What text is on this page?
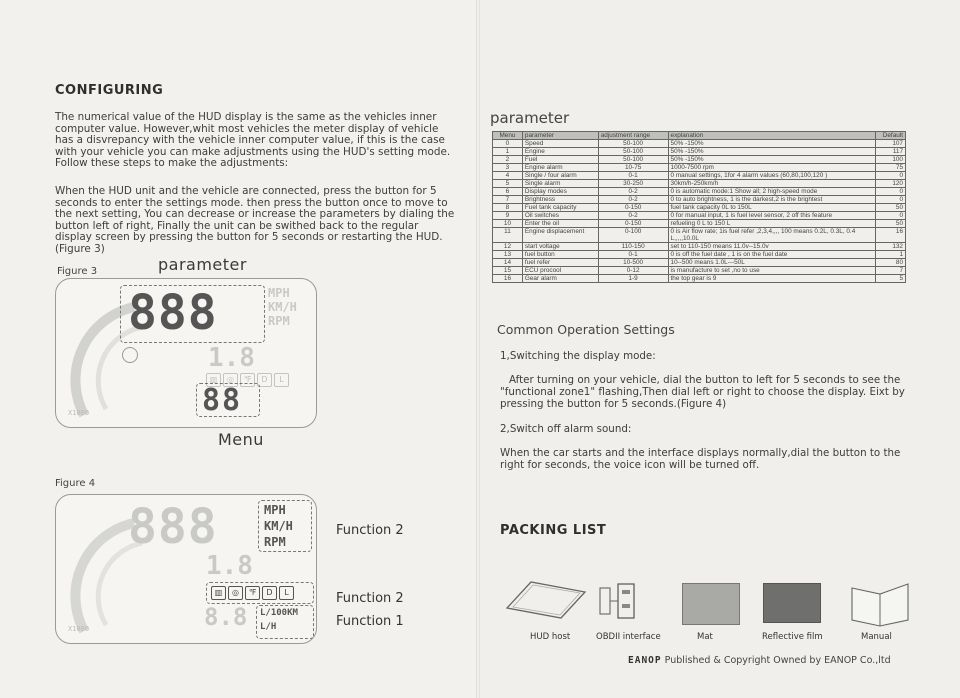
CONFIGURING

The numerical value of the HUD display is the same as the vehicles inner computer value. However,whit most vehicles the meter display of vehicle has a disvrepancy with the vehicle inner computer value, if this is the case with your vehicle you can make adjustments using the HUD's setting mode. Follow these steps to make the adjustments:

When the HUD unit and the vehicle are connected, press the button for 5 seconds to enter the settings mode. then press the button once to move to the next setting, You can decrease or increase the parameters by dialing the button left of right, Finally the unit can be swithed back to the regular display screen by pressing the button for 5 seconds or restarting the HUD.(Figure 3)

Figure 3	parameter
888	MPH
KM/H
RPM
1.8
88
X1000
▥	◎	℉	D	L
Menu
Figure 4
888	MPH
KM/H
RPM
1.8
▥	◎	℉	D	L
L/100KM
L/H
8.8
X1000
Function 2
Function 2
Function 1
parameter
Menu	parameter	adjustment range	explanation	Default
0	Speed	50-100	50% -150%	107
1	Engine	50-100	50% -150%	117
2	Fuel	50-100	50% -150%	100
3	Engine alarm	10-75	1000-7500 rpm	75
4	Single / four alarm	0-1	0 manual settings, 1for 4 alarm values (60,80,100,120 )	0
5	Single alarm	30-250	30km/h-250km/h	120
6	Display modes	0-2	0 is automatic mode:1 Show all; 2 high-speed mode	0
7	Brightness	0-2	0 to auto brightness, 1 is the darkest,2 is the brightest	0
8	Fuel tank capacity	0-150	fuel tank capacity 0L to 150L	50
9	Oil switches	0-2	0 for manual input, 1 is fuel level sensor, 2 off this feature	0
10	Enter the oil	0-150	refueling 0 L to 150 L	50
11	Engine displacement	0-100	0 is Air flow rate; 1is fuel refer ,2,3,4,,,, 100 means 0.2L, 0.3L, 0.4 L,,,,,10.0L	16
12	start voltage	110-150	set to 110-150 means 11.0v--15.0v	132
13	fuel button	0-1	0 is off the fuel date , 1 is on the fuel date	1
14	fuel refer	10-500	10--500 means 1.0L---50L	80
15	ECU procool	0-12	is manufacture to set ,no to use	7
16	Gear alarm	1-9	the top gear is 9	5
Common Operation Settings
1,Switching the display mode:

After turning on your vehicle, dial the button to left for 5 seconds to see the "functional zone1" flashing,Then dial left or right to choose the display. Eixt by pressing the button for 5 seconds.(Figure 4)

2,Switch off alarm sound:

When the car starts and the interface displays normally,dial the button to the right for seconds, the voice icon will be turned off.

PACKING LIST
HUD host	OBDII interface	Mat	Reflective film	Manual
EANOP Published & Copyright Owned by EANOP Co.,ltd
